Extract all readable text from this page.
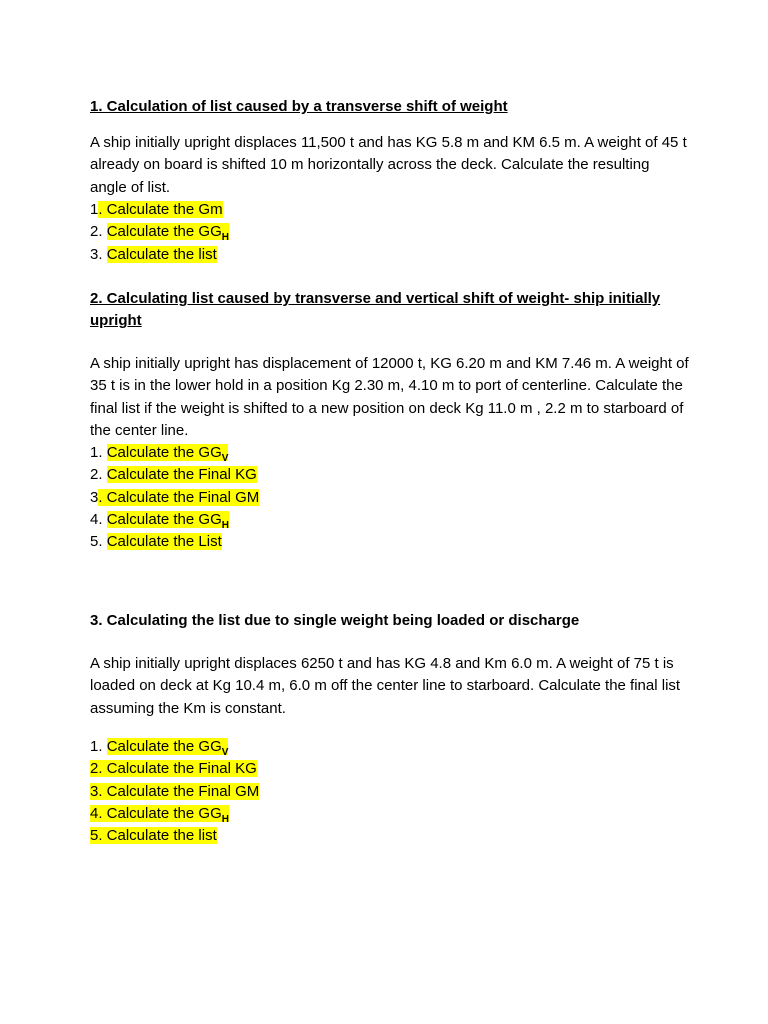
1. Calculation of list caused by a transverse shift of weight
A ship initially upright displaces 11,500 t and has KG 5.8 m and KM 6.5 m. A weight of 45 t already on board is shifted 10 m horizontally across the deck. Calculate the resulting angle of list.
1. Calculate the Gm
2. Calculate the $GG_H$
3. Calculate the list
2. Calculating list caused by transverse and vertical shift of weight- ship initially upright
A ship initially upright has displacement of 12000 t, KG 6.20 m and KM 7.46 m. A weight of 35 t is in the lower hold in a position Kg 2.30 m, 4.10 m to port of centerline. Calculate the final list if the weight is shifted to a new position on deck Kg 11.0 m , 2.2 m to starboard of the center line.
1. Calculate the $GG_V$
2. Calculate the Final KG
3. Calculate the Final GM
4. Calculate the $GG_H$
5. Calculate the List
3. Calculating the list due to single weight being loaded or discharge
A ship initially upright displaces 6250 t and has KG 4.8 and Km 6.0 m. A weight of 75 t is loaded on deck at Kg 10.4 m, 6.0 m off the center line to starboard. Calculate the final list assuming the Km is constant.
1. Calculate the $GG_V$
2. Calculate the Final KG
3. Calculate the Final GM
4. Calculate the $GG_H$
5. Calculate the list
